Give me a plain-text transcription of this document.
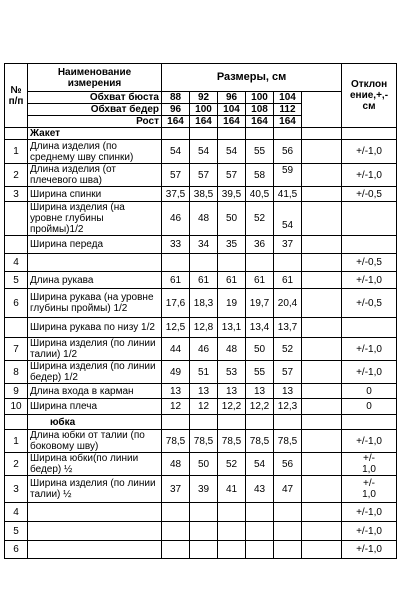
№
п/п	Наименование
измерения	Размеры, см						Отклон
ение,+,-
см
	Обхват бюста	88	92	96	100	104		
	Обхват бедер	96	100	104	108	112		
	Рост	164	164	164	164	164		
	Жакет							
1	Длина изделия (по среднему шву спинки)	54	54	54	55	56		+/-1,0
2	Длина изделия (от плечевого шва)	57	57	57	58	59		+/-1,0
3	Ширина спинки	37,5	38,5	39,5	40,5	41,5		+/-0,5
	Ширина изделия (на уровне глубины проймы)1/2	46	48	50	52	54		
	Ширина переда	33	34	35	36	37		
4								+/-0,5
5	Длина рукава	61	61	61	61	61		+/-1,0
6	Ширина рукава (на уровне глубины проймы) 1/2	17,6	18,3	19	19,7	20,4		+/-0,5
	Ширина рукава по низу 1/2	12,5	12,8	13,1	13,4	13,7		
7	Ширина изделия (по линии талии) 1/2	44	46	48	50	52		+/-1,0
8	Ширина изделия (по линии бедер) 1/2	49	51	53	55	57		+/-1,0
9	Длина входа в карман	13	13	13	13	13		0
10	Ширина плеча	12	12	12,2	12,2	12,3		0
	юбка							
1	Длина юбки от талии (по боковому шву)	78,5	78,5	78,5	78,5	78,5		+/-1,0
2	Ширина юбки(по линии бедер) ½	48	50	52	54	56		+/-
1,0
3	Ширина изделия (по линии талии) ½	37	39	41	43	47		+/-
1,0
4								+/-1,0
5								+/-1,0
6								+/-1,0
